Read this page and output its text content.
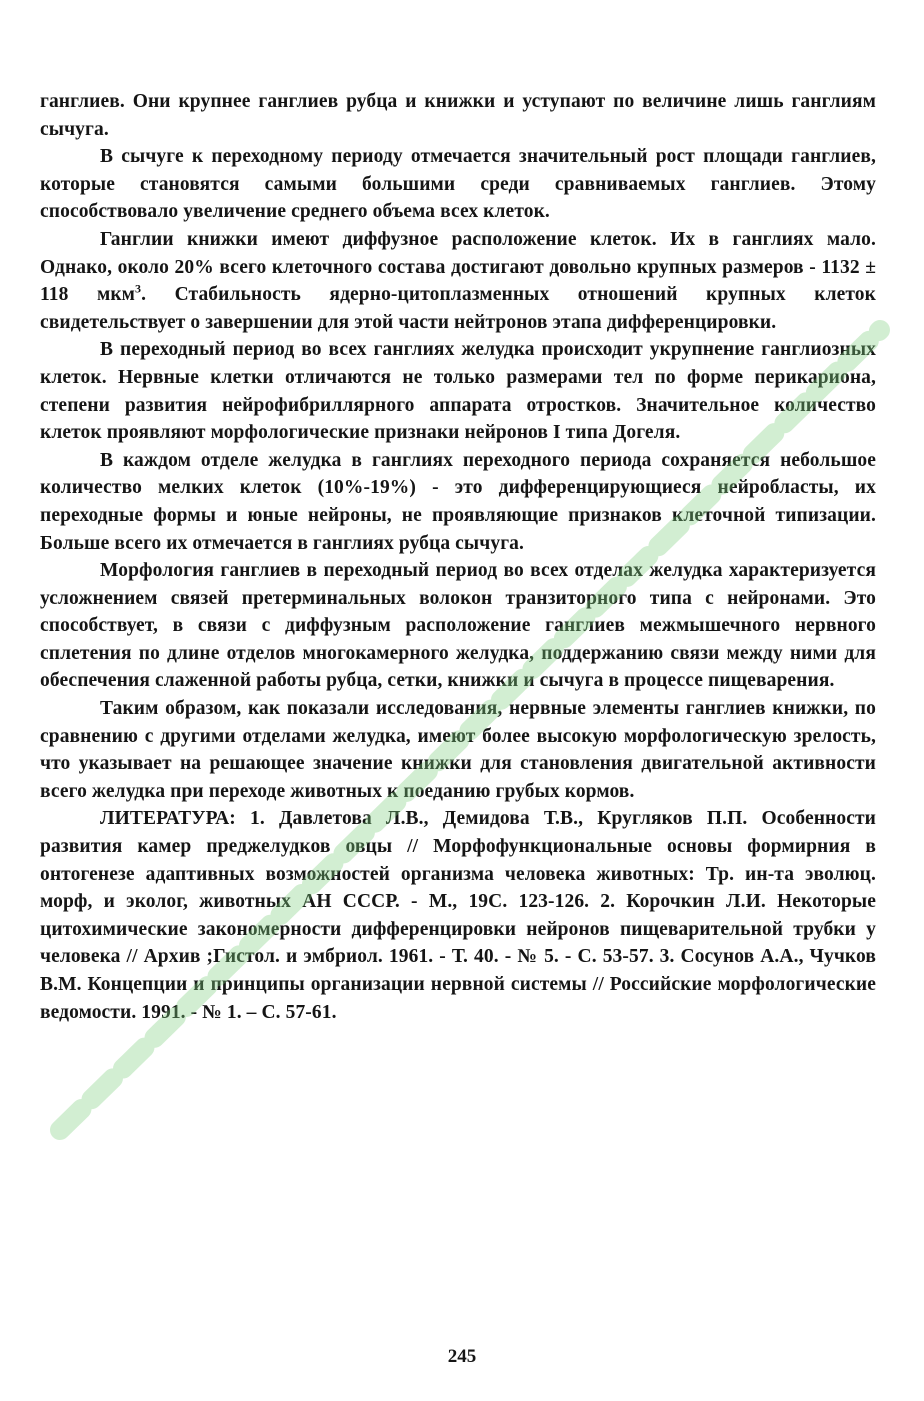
ганглиев. Они крупнее ганглиев рубца и книжки и уступают по величине лишь ганглиям сычуга.

В сычуге к переходному периоду отмечается значительный рост площади ганглиев, которые становятся самыми большими среди сравниваемых ганглиев. Этому способствовало увеличение среднего объема всех клеток.

Ганглии книжки имеют диффузное расположение клеток. Их в ганглиях мало. Однако, около 20% всего клеточного состава достигают довольно крупных размеров - 1132 ± 118 мкм$^3$. Стабильность ядерно-цитоплазменных отношений крупных клеток свидетельствует о завершении для этой части нейтронов этапа дифференцировки.

В переходный период во всех ганглиях желудка происходит укрупнение ганглиозных клеток. Нервные клетки отличаются не только размерами тел по форме перикариона, степени развития нейрофибриллярного аппарата отростков. Значительное количество клеток проявляют морфологические признаки нейронов I типа Догеля.

В каждом отделе желудка в ганглиях переходного периода сохраняется небольшое количество мелких клеток (10%-19%) - это дифференцирующиеся нейробласты, их переходные формы и юные нейроны, не проявляющие признаков клеточной типизации. Больше всего их отмечается в ганглиях рубца сычуга.

Морфология ганглиев в переходный период во всех отделах желудка характеризуется усложнением связей претерминальных волокон транзиторного типа с нейронами. Это способствует, в связи с диффузным расположение ганглиев межмышечного нервного сплетения по длине отделов многокамерного желудка, поддержанию связи между ними для обеспечения слаженной работы рубца, сетки, книжки и сычуга в процессе пищеварения.

Таким образом, как показали исследования, нервные элементы ганглиев книжки, по сравнению с другими отделами желудка, имеют более высокую морфологическую зрелость, что указывает на решающее значение книжки для становления двигательной активности всего желудка при переходе животных к поеданию грубых кормов.

ЛИТЕРАТУРА: 1. Давлетова Л.В., Демидова Т.В., Кругляков П.П. Особенности развития камер преджелудков овцы // Морфофункциональные основы формирния в онтогенезе адаптивных возможностей организма человека животных: Тр. ин-та эволюц. морф, и эколог, животных АН СССР. - М., 19С. 123-126. 2. Корочкин Л.И. Некоторые цитохимические закономерности дифференцировки нейронов пищеварительной трубки у человека // Архив ;Гистол. и эмбриол. 1961. - Т. 40. - № 5. - С. 53-57. 3. Сосунов А.А., Чучков В.М. Концепции и принципы организации нервной системы // Российские морфологические ведомости. 1991. - № 1. – С. 57-61.

245
